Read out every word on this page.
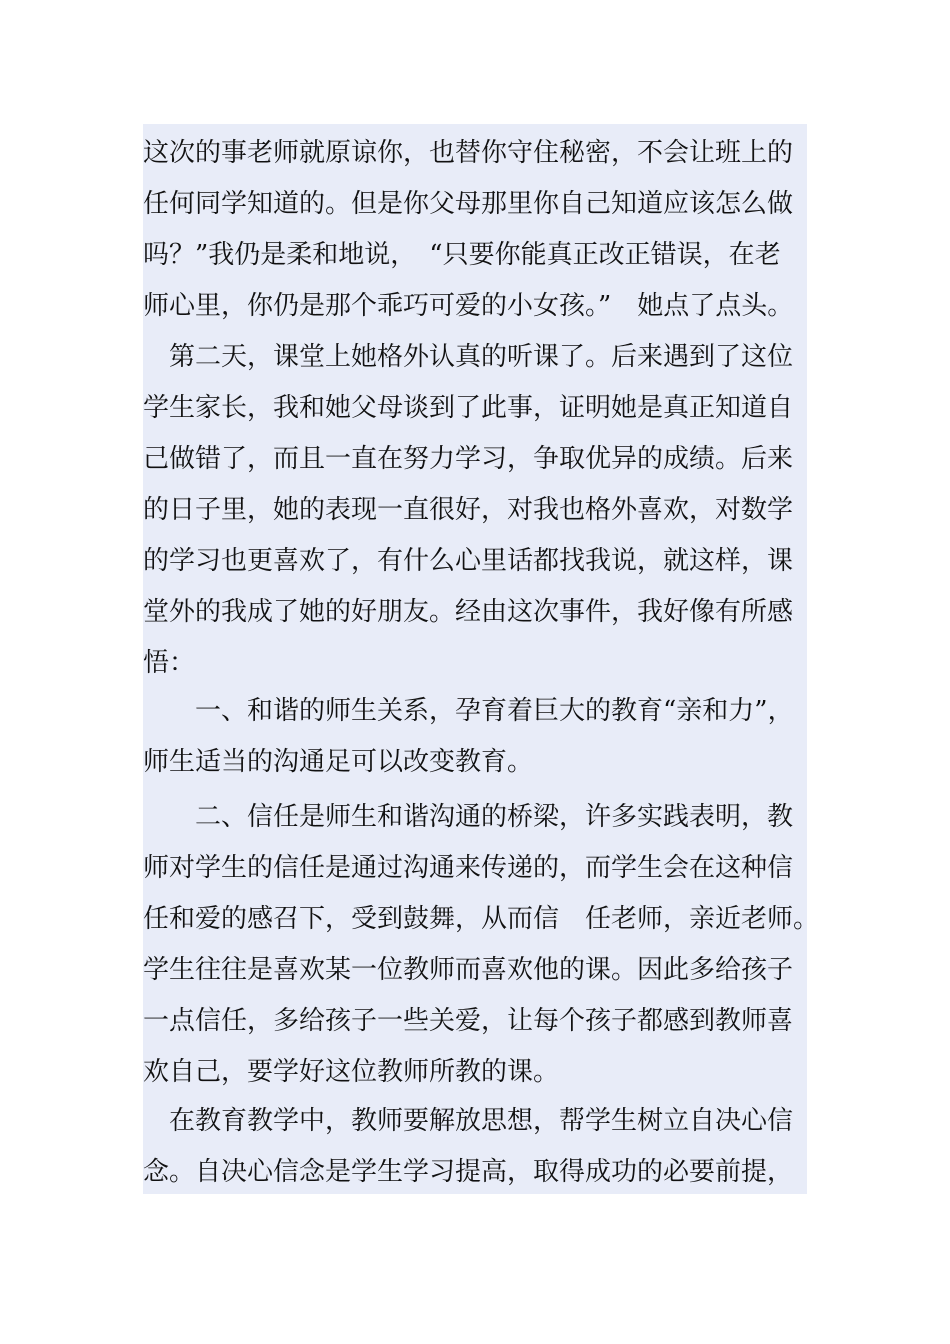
这次的事老师就原谅你，也替你守住秘密，不会让班上的
任何同学知道的。但是你父母那里你自己知道应该怎么做
吗？”我仍是柔和地说，　“只要你能真正改正错误，在老
师心里，你仍是那个乖巧可爱的小女孩。”　她点了点头。

　第二天，课堂上她格外认真的听课了。后来遇到了这位
学生家长，我和她父母谈到了此事，证明她是真正知道自
己做错了，而且一直在努力学习，争取优异的成绩。后来
的日子里，她的表现一直很好，对我也格外喜欢，对数学
的学习也更喜欢了，有什么心里话都找我说，就这样，课
堂外的我成了她的好朋友。经由这次事件，我好像有所感
悟：

　　一、和谐的师生关系，孕育着巨大的教育“亲和力”，
师生适当的沟通足可以改变教育。

　　二、信任是师生和谐沟通的桥梁，许多实践表明，教
师对学生的信任是通过沟通来传递的，而学生会在这种信
任和爱的感召下，受到鼓舞，从而信　任老师，亲近老师。
学生往往是喜欢某一位教师而喜欢他的课。因此多给孩子
一点信任，多给孩子一些关爱，让每个孩子都感到教师喜
欢自己，要学好这位教师所教的课。

　在教育教学中，教师要解放思想，帮学生树立自决心信
念。自决心信念是学生学习提高，取得成功的必要前提，
